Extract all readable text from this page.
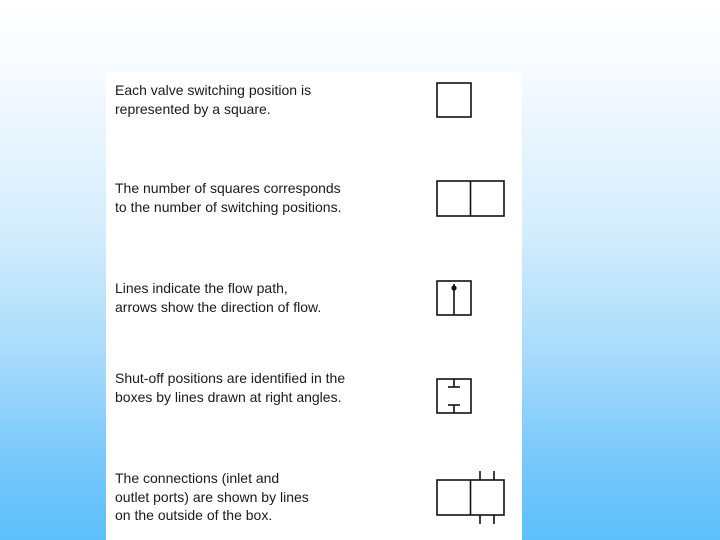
Each valve switching position is
represented by a square.
The number of squares corresponds
to the number of switching positions.
Lines indicate the flow path,
arrows show the direction of flow.
Shut-off positions are identified in the
boxes by lines drawn at right angles.
The connections (inlet and
outlet ports) are shown by lines
on the outside of the box.
